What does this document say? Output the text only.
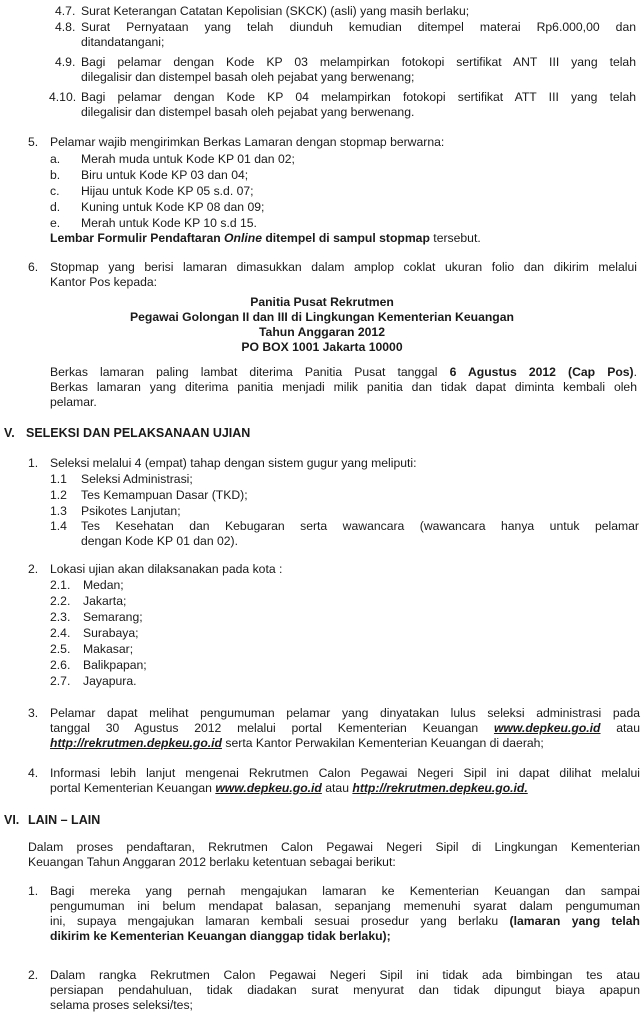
4.7. Surat Keterangan Catatan Kepolisian (SKCK) (asli) yang masih berlaku;
4.8. Surat Pernyataan yang telah diunduh kemudian ditempel materai Rp6.000,00 dan
ditandatangani;
4.9. Bagi pelamar dengan Kode KP 03 melampirkan fotokopi sertifikat ANT III yang telah
dilegalisir dan distempel basah oleh pejabat yang berwenang;
4.10. Bagi pelamar dengan Kode KP 04 melampirkan fotokopi sertifikat ATT III yang telah
dilegalisir dan distempel basah oleh pejabat yang berwenang.
5. Pelamar wajib mengirimkan Berkas Lamaran dengan stopmap berwarna:
a. Merah muda untuk Kode KP 01 dan 02;
b. Biru untuk Kode KP 03 dan 04;
c. Hijau untuk Kode KP 05 s.d. 07;
d. Kuning untuk Kode KP 08 dan 09;
e. Merah untuk Kode KP 10 s.d 15.
Lembar Formulir Pendaftaran Online ditempel di sampul stopmap tersebut.
6. Stopmap yang berisi lamaran dimasukkan dalam amplop coklat ukuran folio dan dikirim melalui
Kantor Pos kepada:
Panitia Pusat Rekrutmen
Pegawai Golongan II dan III di Lingkungan Kementerian Keuangan
Tahun Anggaran 2012
PO BOX 1001 Jakarta 10000
Berkas lamaran paling lambat diterima Panitia Pusat tanggal 6 Agustus 2012 (Cap Pos).
Berkas lamaran yang diterima panitia menjadi milik panitia dan tidak dapat diminta kembali oleh
pelamar.
V. SELEKSI DAN PELAKSANAAN UJIAN
1. Seleksi melalui 4 (empat) tahap dengan sistem gugur yang meliputi:
1.1 Seleksi Administrasi;
1.2 Tes Kemampuan Dasar (TKD);
1.3 Psikotes Lanjutan;
1.4 Tes Kesehatan dan Kebugaran serta wawancara (wawancara hanya untuk pelamar
dengan Kode KP 01 dan 02).
2. Lokasi ujian akan dilaksanakan pada kota :
2.1. Medan;
2.2. Jakarta;
2.3. Semarang;
2.4. Surabaya;
2.5. Makasar;
2.6. Balikpapan;
2.7. Jayapura.
3. Pelamar dapat melihat pengumuman pelamar yang dinyatakan lulus seleksi administrasi pada
tanggal 30 Agustus 2012 melalui portal Kementerian Keuangan www.depkeu.go.id atau
http://rekrutmen.depkeu.go.id serta Kantor Perwakilan Kementerian Keuangan di daerah;
4. Informasi lebih lanjut mengenai Rekrutmen Calon Pegawai Negeri Sipil ini dapat dilihat melalui
portal Kementerian Keuangan www.depkeu.go.id atau http://rekrutmen.depkeu.go.id.
VI. LAIN – LAIN
Dalam proses pendaftaran, Rekrutmen Calon Pegawai Negeri Sipil di Lingkungan Kementerian
Keuangan Tahun Anggaran 2012 berlaku ketentuan sebagai berikut:
1. Bagi mereka yang pernah mengajukan lamaran ke Kementerian Keuangan dan sampai
pengumuman ini belum mendapat balasan, sepanjang memenuhi syarat dalam pengumuman
ini, supaya mengajukan lamaran kembali sesuai prosedur yang berlaku (lamaran yang telah
dikirim ke Kementerian Keuangan dianggap tidak berlaku);
2. Dalam rangka Rekrutmen Calon Pegawai Negeri Sipil ini tidak ada bimbingan tes atau
persiapan pendahuluan, tidak diadakan surat menyurat dan tidak dipungut biaya apapun
selama proses seleksi/tes;
